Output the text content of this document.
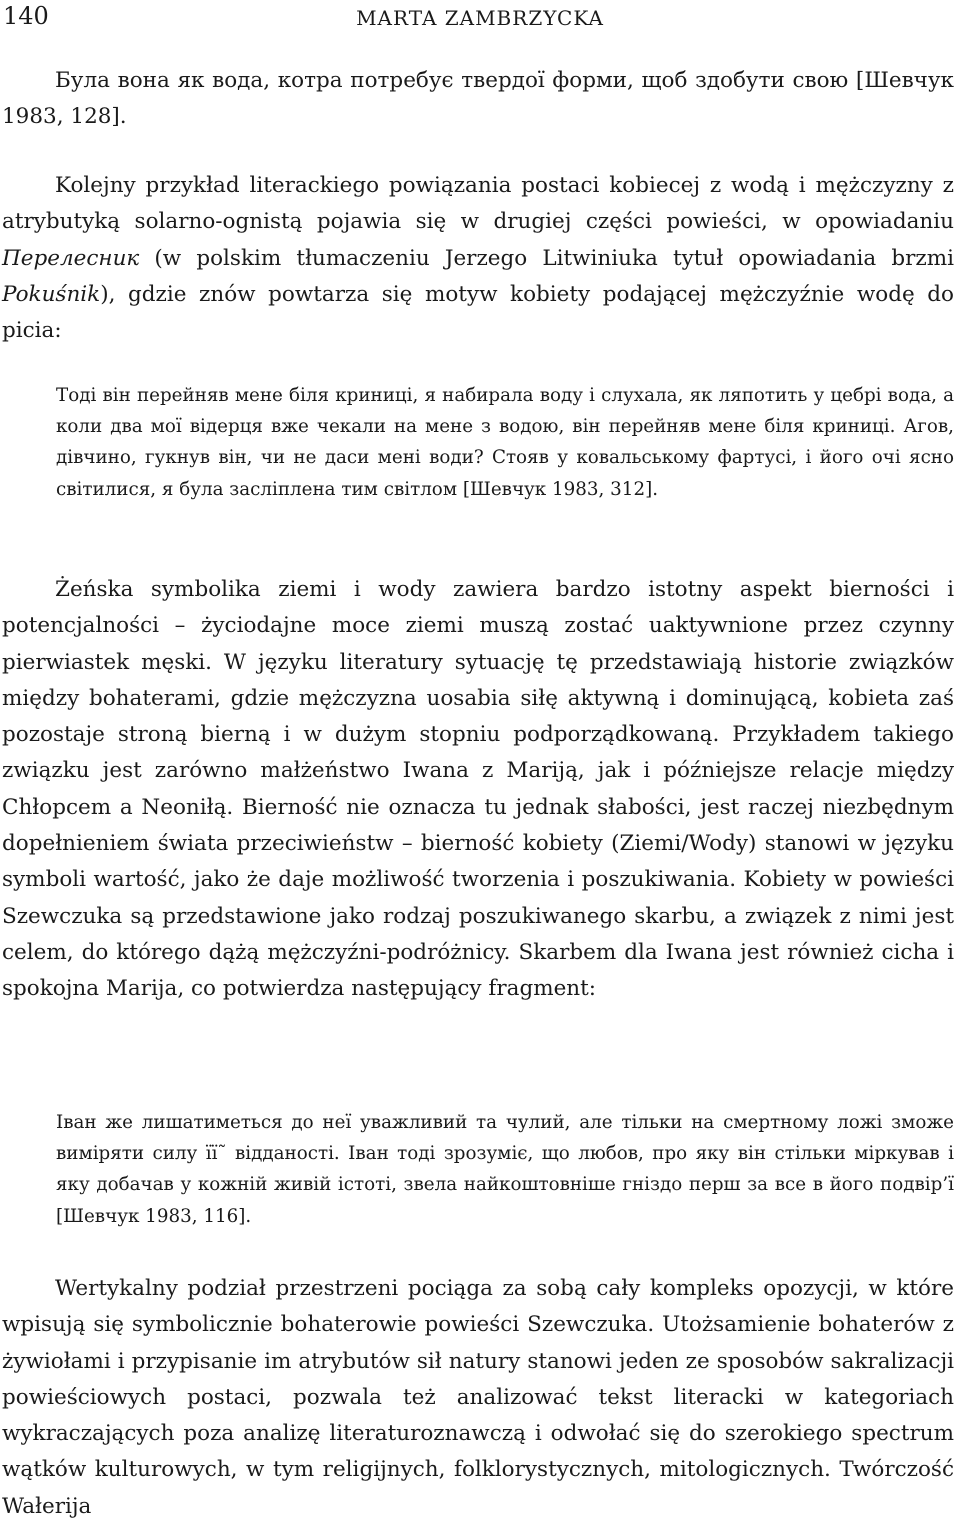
140	MARTA ZAMBRZYCKA

Була вона як вода, котра потребує твердої форми, щоб здобути свою [Шевчук 1983, 128].

Kolejny przykład literackiego powiązania postaci kobiecej z wodą i mężczyzny z atrybutyką solarno-ognistą pojawia się w drugiej części powieści, w opowiadaniu Перелесник (w polskim tłumaczeniu Jerzego Litwiniuka tytuł opowiadania brzmi Pokuśnik), gdzie znów powtarza się motyw kobiety podającej mężczyźnie wodę do picia:

Тоді він перейняв мене біля криниці, я набирала воду і слухала, як ляпотить у цебрі вода, а коли два мої відерця вже чекали на мене з водою, він перейняв мене біля криниці. Агов, дівчино, гукнув він, чи не даси мені води? Стояв у ковальському фартусі, і його очі ясно світилися, я була засліплена тим світлом [Шевчук 1983, 312].

Żeńska symbolika ziemi i wody zawiera bardzo istotny aspekt bierności i potencjalności – życiodajne moce ziemi muszą zostać uaktywnione przez czynny pierwiastek męski. W języku literatury sytuację tę przedstawiają historie związków między bohaterami, gdzie mężczyzna uosabia siłę aktywną i dominującą, kobieta zaś pozostaje stroną bierną i w dużym stopniu podporządkowaną. Przykładem takiego związku jest zarówno małżeństwo Iwana z Mariją, jak i późniejsze relacje między Chłopcem a Neoniłą. Bierność nie oznacza tu jednak słabości, jest raczej niezbędnym dopełnieniem świata przeciwieństw – bierność kobiety (Ziemi/Wody) stanowi w języku symboli wartość, jako że daje możliwość tworzenia i poszukiwania. Kobiety w powieści Szewczuka są przedstawione jako rodzaj poszukiwanego skarbu, a związek z nimi jest celem, do którego dążą mężczyźni-podróżnicy. Skarbem dla Iwana jest również cicha i spokojna Marija, co potwierdza następujący fragment:

Іван же лишатиметься до неї уважливий та чулий, але тільки на смертному ложі зможе виміряти силу її˜ відданості. Іван тоді зрозуміє, що любов, про яку він стільки міркував і яку добачав у кожній живій істоті, звела найкоштовніше гніздо перш за все в його подвір’ї [Шевчук 1983, 116].

Wertykalny podział przestrzeni pociąga za sobą cały kompleks opozycji, w które wpisują się symbolicznie bohaterowie powieści Szewczuka. Utożsamienie bohaterów z żywiołami i przypisanie im atrybutów sił natury stanowi jeden ze sposobów sakralizacji powieściowych postaci, pozwala też analizować tekst literacki w kategoriach wykraczających poza analizę literaturoznawczą i odwołać się do szerokiego spectrum wątków kulturowych, w tym religijnych, folklorystycznych, mitologicznych. Twórczość Wałerija
